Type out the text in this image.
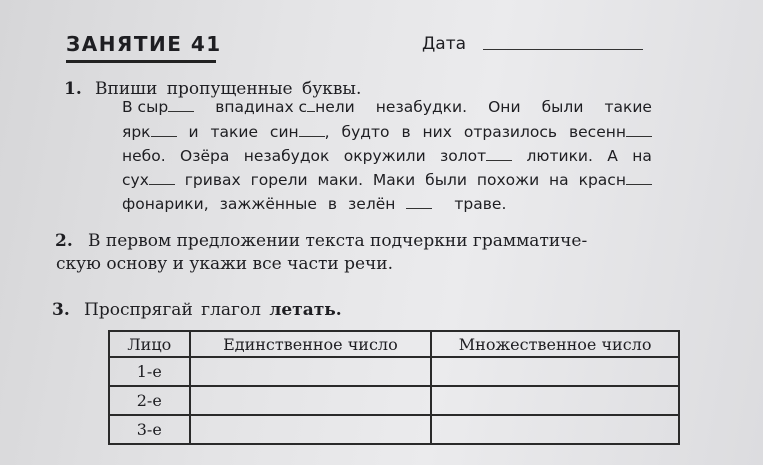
ЗАНЯТИЕ 41	Дата
1. Впиши пропущенные буквы.
В сыр	впадинах с нели незабудки. Они были такие
ярк	и такие син , будто в них отразилось весенн
небо. Озёра незабудок окружили золот	лютики. А на
сух	гривах горели маки. Маки были похожи на красн
фонарики, зажжённые в зелён	траве.
2. В первом предложении текста подчеркни грамматиче-
скую основу и укажи все части речи.
3. Проспрягай глагол летать.
Лицо	Единственное число	Множественное число
1-е		
2-е		
3-е		
